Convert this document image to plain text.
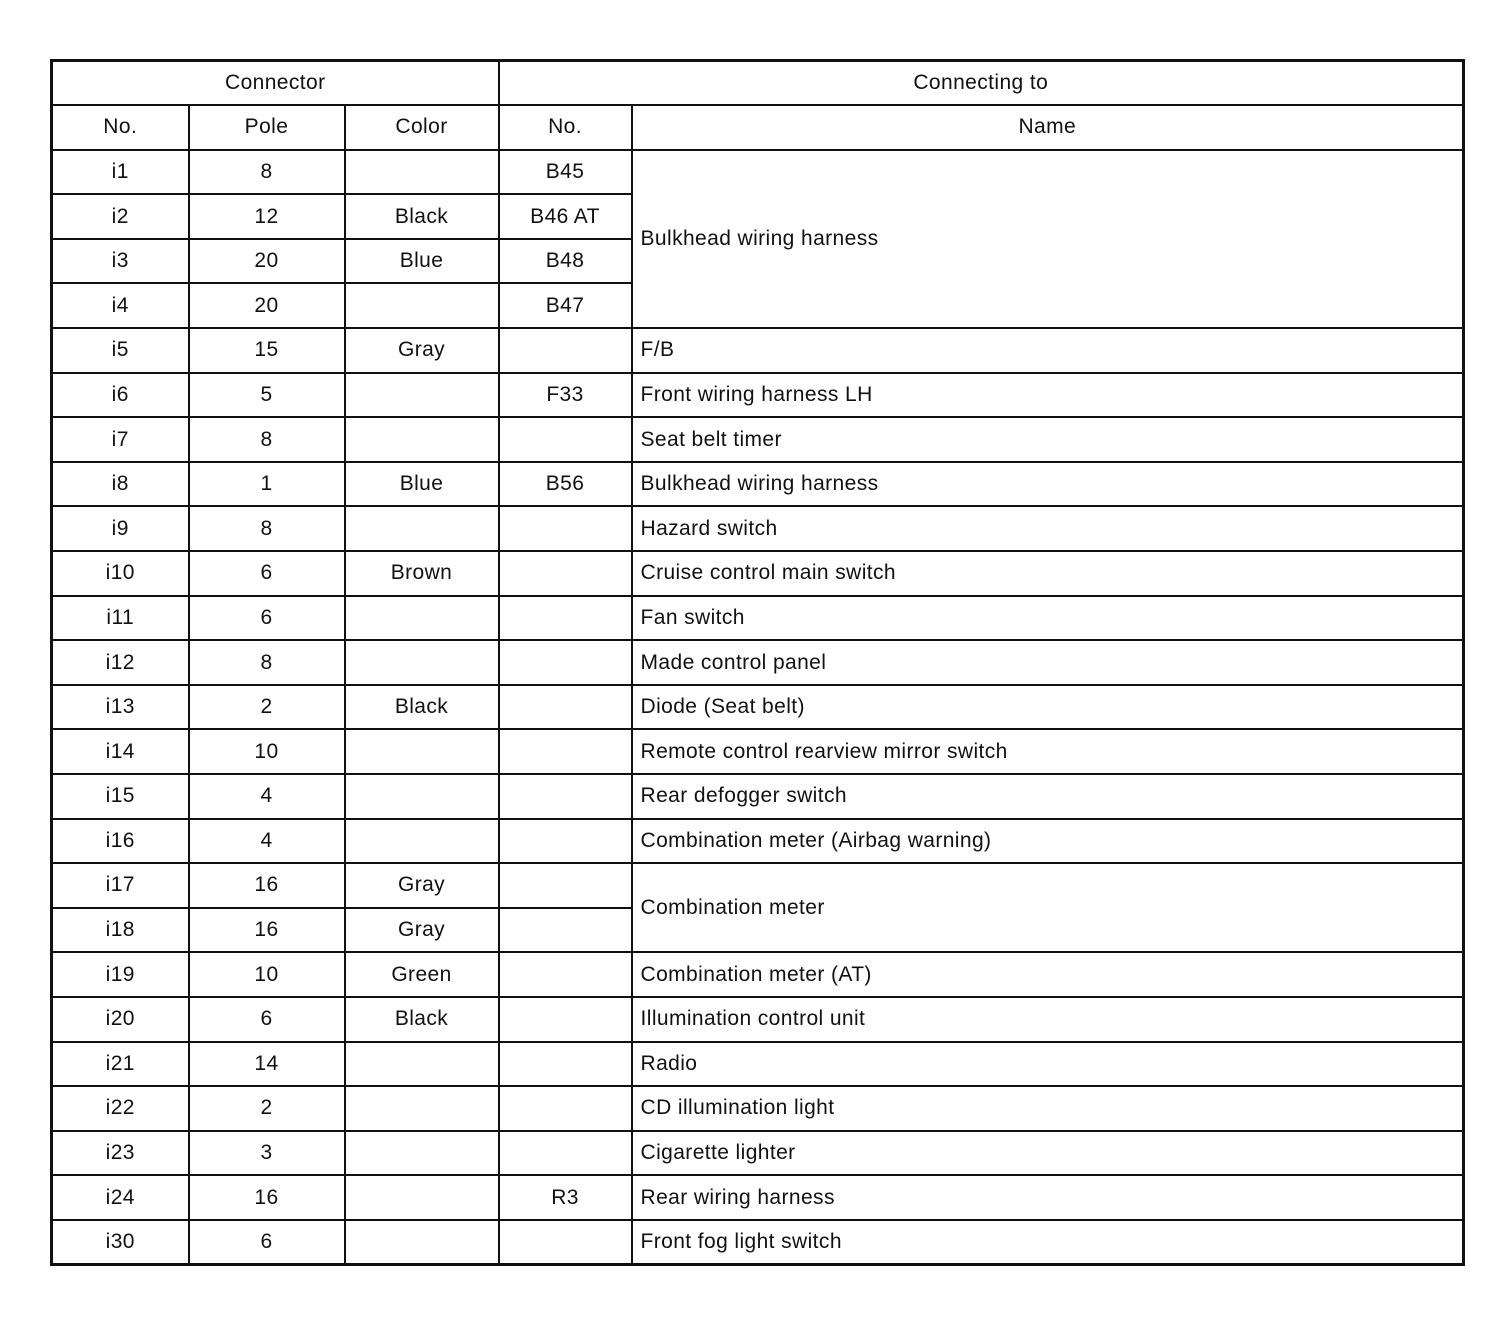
Connector			Connecting to	
No.	Pole	Color	No.	Name
i1	8		B45	Bulkhead wiring harness
i2	12	Black	B46 AT	
i3	20	Blue	B48	
i4	20		B47	
i5	15	Gray		F/B
i6	5		F33	Front wiring harness LH
i7	8			Seat belt timer
i8	1	Blue	B56	Bulkhead wiring harness
i9	8			Hazard switch
i10	6	Brown		Cruise control main switch
i11	6			Fan switch
i12	8			Made control panel
i13	2	Black		Diode (Seat belt)
i14	10			Remote control rearview mirror switch
i15	4			Rear defogger switch
i16	4			Combination meter (Airbag warning)
i17	16	Gray		Combination meter
i18	16	Gray		
i19	10	Green		Combination meter (AT)
i20	6	Black		Illumination control unit
i21	14			Radio
i22	2			CD illumination light
i23	3			Cigarette lighter
i24	16		R3	Rear wiring harness
i30	6			Front fog light switch
